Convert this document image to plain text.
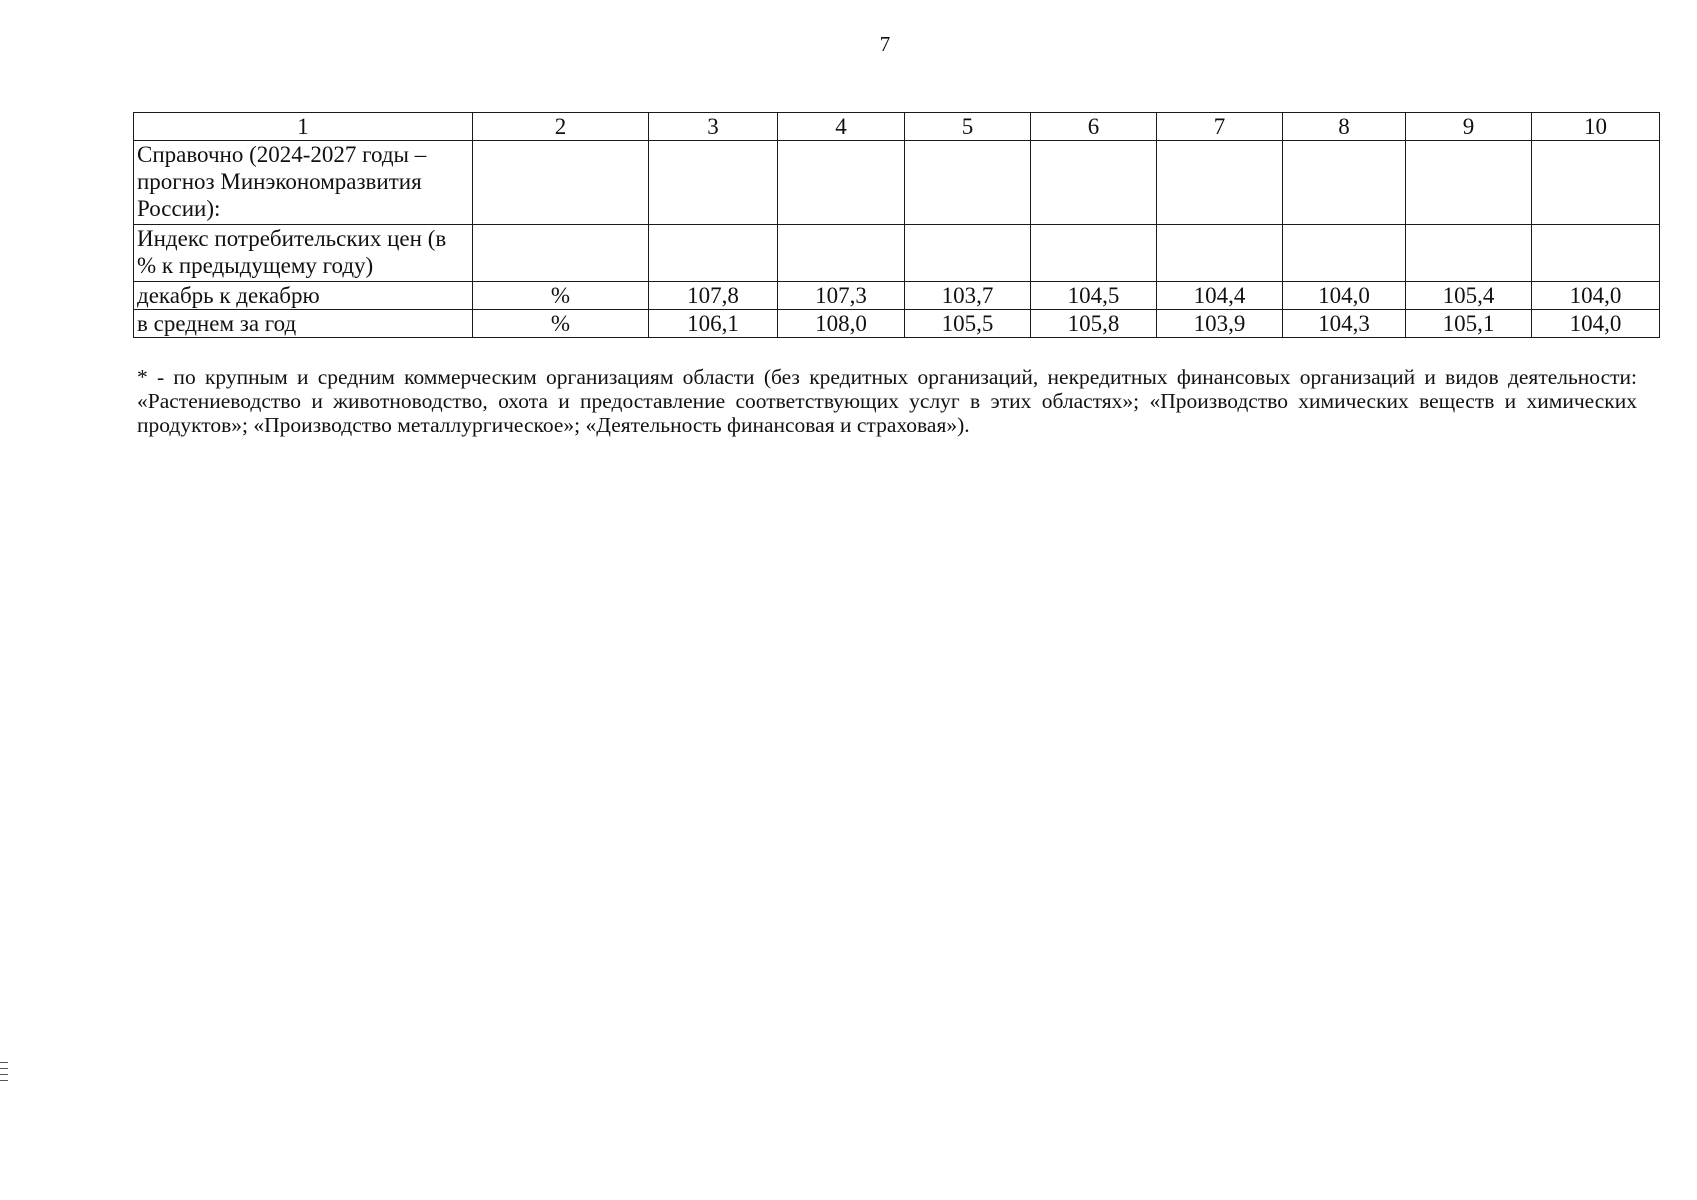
7
1	2	3	4	5	6	7	8	9	10
Справочно (2024-2027 годы – прогноз Минэкономразвития России):									
Индекс потребительских цен (в % к предыдущему году)									
декабрь к декабрю	%	107,8	107,3	103,7	104,5	104,4	104,0	105,4	104,0
в среднем за год	%	106,1	108,0	105,5	105,8	103,9	104,3	105,1	104,0
* - по крупным и средним коммерческим организациям области (без кредитных организаций, некредитных финансовых организаций и видов деятельности: «Растениеводство и животноводство, охота и предоставление соответствующих услуг в этих областях»; «Производство химических веществ и химических продуктов»; «Производство металлургическое»; «Деятельность финансовая и страховая»).
